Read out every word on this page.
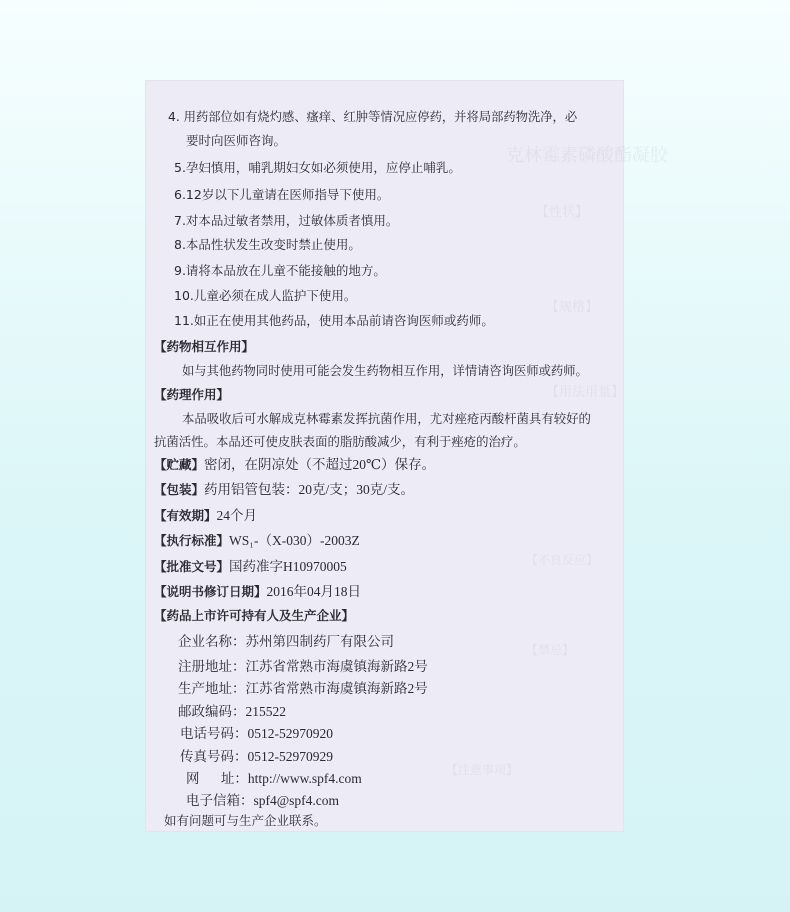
克林霉素磷酸酯凝胶
【性状】
【规格】
【用法用量】
【不良反应】
【禁忌】
【注意事项】
4. 用药部位如有烧灼感、瘙痒、红肿等情况应停药，并将局部药物洗净，必
要时向医师咨询。
5.孕妇慎用，哺乳期妇女如必须使用，应停止哺乳。
6.12岁以下儿童请在医师指导下使用。
7.对本品过敏者禁用，过敏体质者慎用。
8.本品性状发生改变时禁止使用。
9.请将本品放在儿童不能接触的地方。
10.儿童必须在成人监护下使用。
11.如正在使用其他药品，使用本品前请咨询医师或药师。
【药物相互作用】
如与其他药物同时使用可能会发生药物相互作用，详情请咨询医师或药师。
【药理作用】
本品吸收后可水解成克林霉素发挥抗菌作用，尤对痤疮丙酸杆菌具有较好的
抗菌活性。本品还可使皮肤表面的脂肪酸减少，有利于痤疮的治疗。
【贮藏】密闭，在阴凉处（不超过20℃）保存。
【包装】药用铝管包装：20克/支；30克/支。
【有效期】24个月
【执行标准】WS₁-（X-030）-2003Z
【批准文号】国药准字H10970005
【说明书修订日期】2016年04月18日
【药品上市许可持有人及生产企业】
企业名称：苏州第四制药厂有限公司
注册地址：江苏省常熟市海虞镇海新路2号
生产地址：江苏省常熟市海虞镇海新路2号
邮政编码：215522
电话号码：0512-52970920
传真号码：0512-52970929
网 址：http://www.spf4.com
电子信箱：spf4@spf4.com
如有问题可与生产企业联系。
